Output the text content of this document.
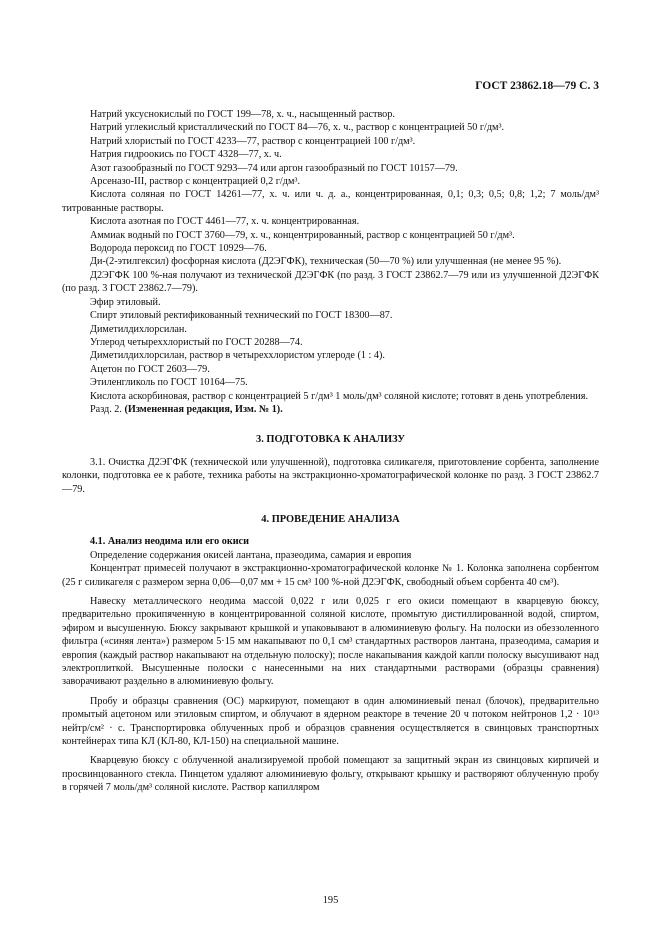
ГОСТ 23862.18—79 С. 3

Натрий уксуснокислый по ГОСТ 199—78, х. ч., насыщенный раствор.

Натрий углекислый кристаллический по ГОСТ 84—76, х. ч., раствор с концентрацией 50 г/дм³.

Натрий хлористый по ГОСТ 4233—77, раствор с концентрацией 100 г/дм³.

Натрия гидроокись по ГОСТ 4328—77, х. ч.

Азот газообразный по ГОСТ 9293—74 или аргон газообразный по ГОСТ 10157—79.

Арсеназо-III, раствор с концентрацией 0,2 г/дм³.

Кислота соляная по ГОСТ 14261—77, х. ч. или ч. д. а., концентрированная, 0,1; 0,3; 0,5; 0,8; 1,2; 7 моль/дм³ титрованные растворы.

Кислота азотная по ГОСТ 4461—77, х. ч. концентрированная.

Аммиак водный по ГОСТ 3760—79, х. ч., концентрированный, раствор с концентрацией 50 г/дм³.

Водорода пероксид по ГОСТ 10929—76.

Ди-(2-этилгексил) фосфорная кислота (Д2ЭГФК), техническая (50—70 %) или улучшенная (не менее 95 %).

Д2ЭГФК 100 %-ная получают из технической Д2ЭГФК (по разд. 3 ГОСТ 23862.7—79 или из улучшенной Д2ЭГФК (по разд. 3 ГОСТ 23862.7—79).

Эфир этиловый.

Спирт этиловый ректификованный технический по ГОСТ 18300—87.

Диметилдихлорсилан.

Углерод четыреххлористый по ГОСТ 20288—74.

Диметилдихлорсилан, раствор в четыреххлористом углероде (1 : 4).

Ацетон по ГОСТ 2603—79.

Этиленгликоль по ГОСТ 10164—75.

Кислота аскорбиновая, раствор с концентрацией 5 г/дм³ 1 моль/дм³ соляной кислоте; готовят в день употребления.

Разд. 2. (Измененная редакция, Изм. № 1).

3. ПОДГОТОВКА К АНАЛИЗУ

3.1. Очистка Д2ЭГФК (технической или улучшенной), подготовка силикагеля, приготовление сорбента, заполнение колонки, подготовка ее к работе, техника работы на экстракционно-хроматографической колонке по разд. 3 ГОСТ 23862.7—79.

4. ПРОВЕДЕНИЕ АНАЛИЗА

4.1. Анализ неодима или его окиси

Определение содержания окисей лантана, празеодима, самария и европия

Концентрат примесей получают в экстракционно-хроматографической колонке № 1. Колонка заполнена сорбентом (25 г силикагеля с размером зерна 0,06—0,07 мм + 15 см³ 100 %-ной Д2ЭГФК, свободный объем сорбента 40 см³).

Навеску металлического неодима массой 0,022 г или 0,025 г его окиси помещают в кварцевую бюксу, предварительно прокипяченную в концентрированной соляной кислоте, промытую дистиллированной водой, спиртом, эфиром и высушенную. Бюксу закрывают крышкой и упаковывают в алюминиевую фольгу. На полоски из обеззоленного фильтра («синяя лента») размером 5·15 мм накапывают по 0,1 см³ стандартных растворов лантана, празеодима, самария и европия (каждый раствор накапывают на отдельную полоску); после накапывания каждой капли полоску высушивают над электроплиткой. Высушенные полоски с нанесенными на них стандартными растворами (образцы сравнения) заворачивают раздельно в алюминиевую фольгу.

Пробу и образцы сравнения (ОС) маркируют, помещают в один алюминиевый пенал (блочок), предварительно промытый ацетоном или этиловым спиртом, и облучают в ядерном реакторе в течение 20 ч потоком нейтронов 1,2 · 10¹³ нейтр/см² · с. Транспортировка облученных проб и образцов сравнения осуществляется в свинцовых транспортных контейнерах типа КЛ (КЛ-80, КЛ-150) на специальной машине.

Кварцевую бюксу с облученной анализируемой пробой помещают за защитный экран из свинцовых кирпичей и просвинцованного стекла. Пинцетом удаляют алюминиевую фольгу, открывают крышку и растворяют облученную пробу в горячей 7 моль/дм³ соляной кислоте. Раствор капилляром

195
